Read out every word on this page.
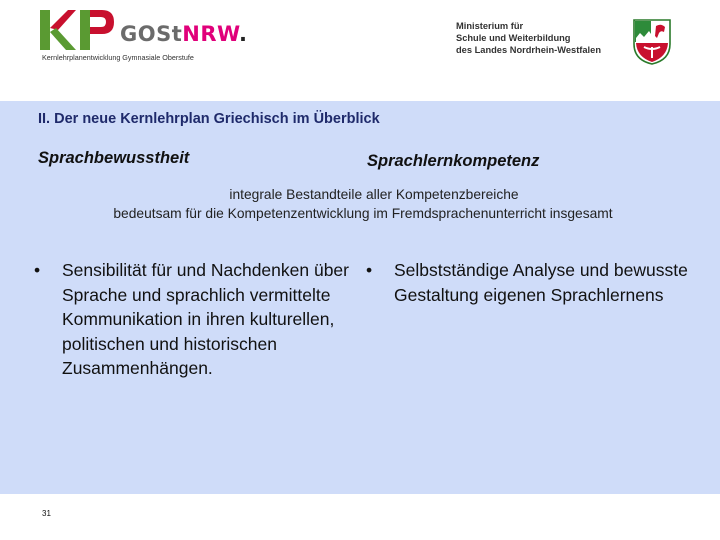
GOStNRW.
Kernlehrplanentwicklung Gymnasiale Oberstufe
Ministerium für
Schule und Weiterbildung
des Landes Nordrhein-Westfalen
II. Der neue Kernlehrplan Griechisch im Überblick
Sprachbewusstheit	Sprachlernkompetenz
integrale Bestandteile aller Kompetenzbereiche
bedeutsam für die Kompetenzentwicklung im Fremdsprachenunterricht insgesamt
•	Sensibilität für und Nachdenken über Sprache und sprachlich vermittelte Kommunikation in ihren kulturellen, politischen und historischen Zusammenhängen.
•	Selbstständige Analyse und bewusste Gestaltung eigenen Sprachlernens
31
